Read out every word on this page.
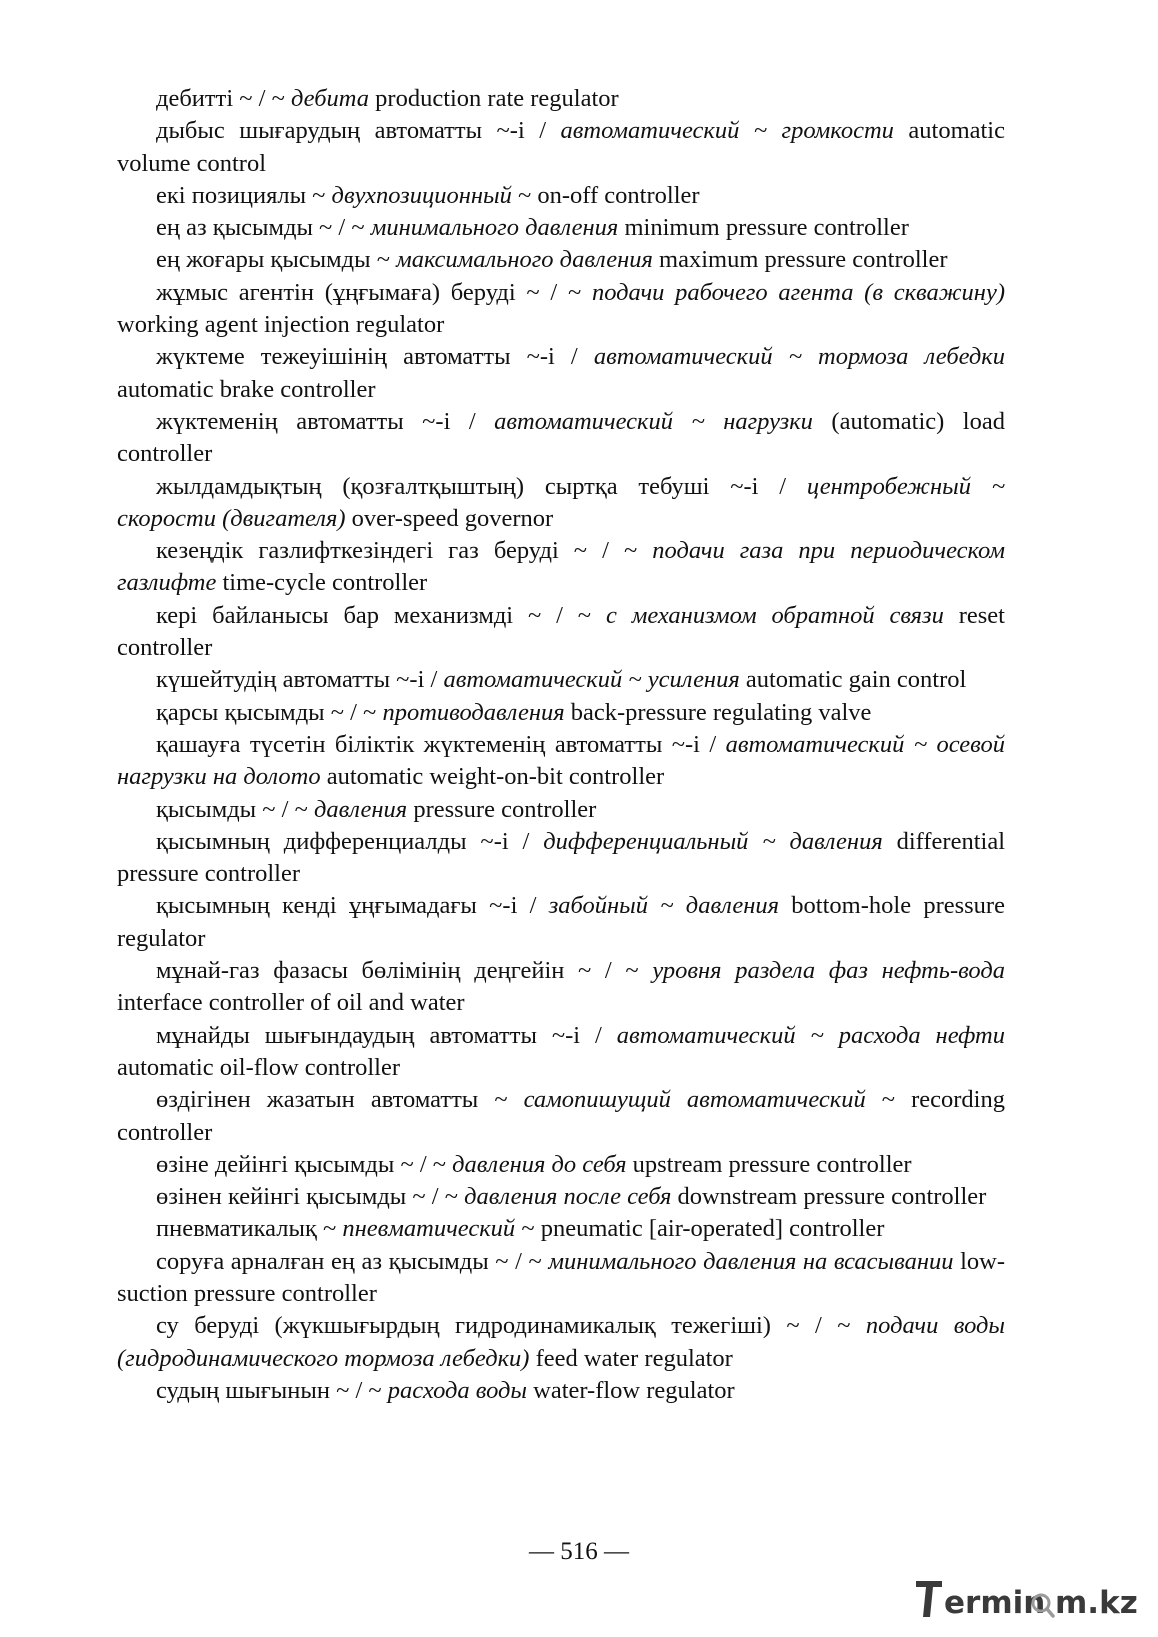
дебитті ~ / ~ дебита production rate regulator

дыбыс шығарудың автоматты ~-і / автоматический ~ громкости automatic volume control

екі позициялы ~ двухпозиционный ~ on-off controller

ең аз қысымды ~ / ~ минимального давления minimum pressure controller

ең жоғары қысымды ~ максимального давления maximum pressure controller

жұмыс агентін (ұңғымаға) беруді ~ / ~ подачи рабочего агента (в скважину) working agent injection regulator

жүктеме тежеуішінің автоматты ~-і / автоматический ~ тормоза лебедки automatic brake controller

жүктеменің автоматты ~-і / автоматический ~ нагрузки (automatic) load controller

жылдамдықтың (қозғалтқыштың) сыртқа тебуші ~-і / центробежный ~ скорости (двигателя) over-speed governor

кезеңдік газлифткезіндегі газ беруді ~ / ~ подачи газа при периодическом газлифте time-cycle controller

кері байланысы бар механизмді ~ / ~ с механизмом обратной связи reset controller

күшейтудің автоматты ~-і / автоматический ~ усиления automatic gain control

қарсы қысымды ~ / ~ противодавления back-pressure regulating valve

қашауға түсетін біліктік жүктеменің автоматты ~-і / автоматический ~ осевой нагрузки на долото automatic weight-on-bit controller

қысымды ~ / ~ давления pressure controller

қысымның дифференциалды ~-і / дифференциальный ~ давления differential pressure controller

қысымның кенді ұңғымадағы ~-і / забойный ~ давления bottom-hole pressure regulator

мұнай-газ фазасы бөлімінің деңгейін ~ / ~ уровня раздела фаз нефть-вода interface controller of oil and water

мұнайды шығындаудың автоматты ~-і / автоматический ~ расхода нефти automatic oil-flow controller

өздігінен жазатын автоматты ~ самопишущий автоматический ~ recording controller

өзіне дейінгі қысымды ~ / ~ давления до себя upstream pressure controller

өзінен кейінгі қысымды ~ / ~ давления после себя downstream pressure controller

пневматикалық ~ пневматический ~ pneumatic [air-operated] controller

соруға арналған ең аз қысымды ~ / ~ минимального давления на всасывании low-suction pressure controller

су беруді (жүкшығырдың гидродинамикалық тежегіші) ~ / ~ подачи воды (гидродинамического тормоза лебедки) feed water regulator

судың шығынын ~ / ~ расхода воды water-flow regulator

— 516 —
ermin m.kz
